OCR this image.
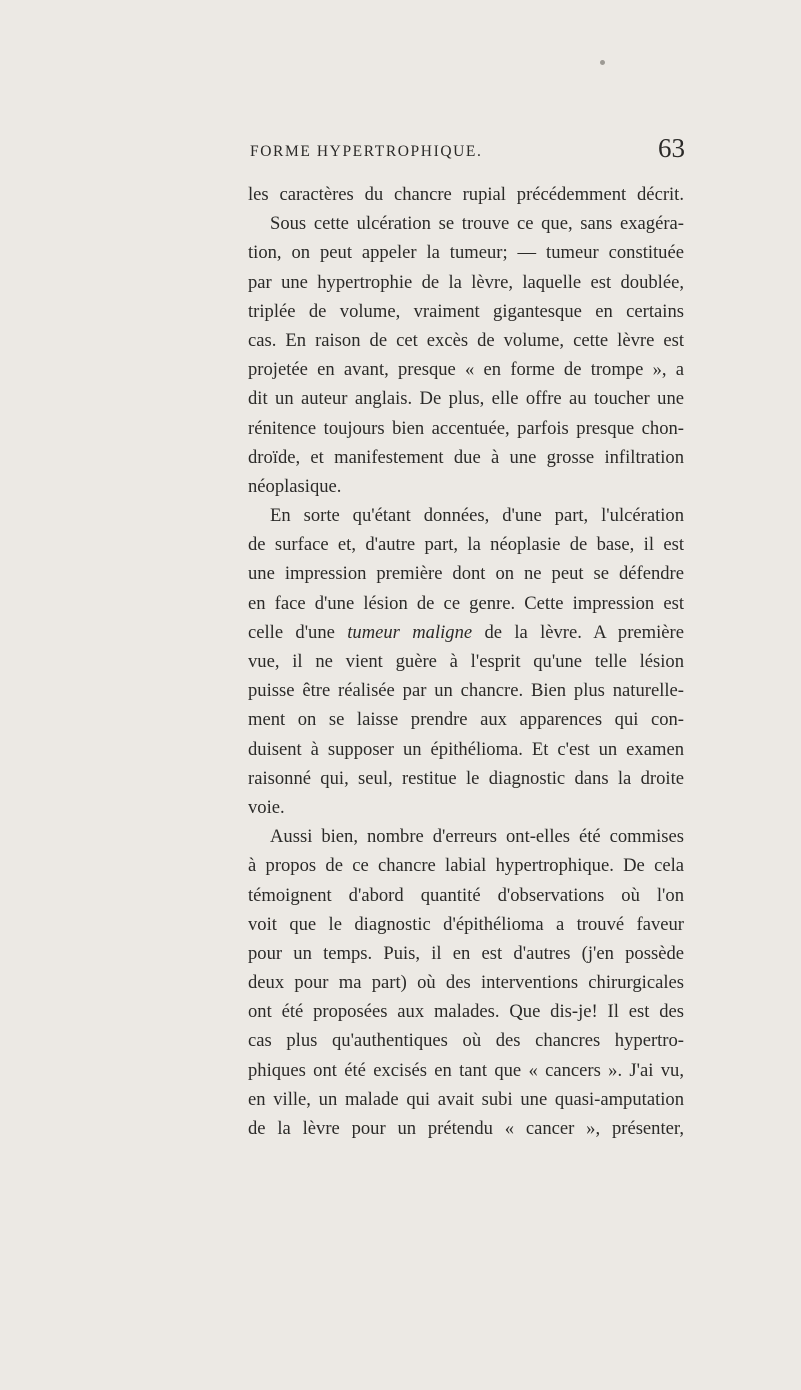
FORME HYPERTROPHIQUE.	63
les caractères du chancre rupial précédemment décrit.
Sous cette ulcération se trouve ce que, sans exagéra-
tion, on peut appeler la tumeur; — tumeur constituée
par une hypertrophie de la lèvre, laquelle est doublée,
triplée de volume, vraiment gigantesque en certains
cas. En raison de cet excès de volume, cette lèvre est
projetée en avant, presque « en forme de trompe », a
dit un auteur anglais. De plus, elle offre au toucher une
rénitence toujours bien accentuée, parfois presque chon-
droïde, et manifestement due à une grosse infiltration
néoplasique.
En sorte qu'étant données, d'une part, l'ulcération
de surface et, d'autre part, la néoplasie de base, il est
une impression première dont on ne peut se défendre
en face d'une lésion de ce genre. Cette impression est
celle d'une tumeur maligne de la lèvre. A première
vue, il ne vient guère à l'esprit qu'une telle lésion
puisse être réalisée par un chancre. Bien plus naturelle-
ment on se laisse prendre aux apparences qui con-
duisent à supposer un épithélioma. Et c'est un examen
raisonné qui, seul, restitue le diagnostic dans la droite
voie.
Aussi bien, nombre d'erreurs ont-elles été commises
à propos de ce chancre labial hypertrophique. De cela
témoignent d'abord quantité d'observations où l'on
voit que le diagnostic d'épithélioma a trouvé faveur
pour un temps. Puis, il en est d'autres (j'en possède
deux pour ma part) où des interventions chirurgicales
ont été proposées aux malades. Que dis-je! Il est des
cas plus qu'authentiques où des chancres hypertro-
phiques ont été excisés en tant que « cancers ». J'ai vu,
en ville, un malade qui avait subi une quasi-amputation
de la lèvre pour un prétendu « cancer », présenter,
